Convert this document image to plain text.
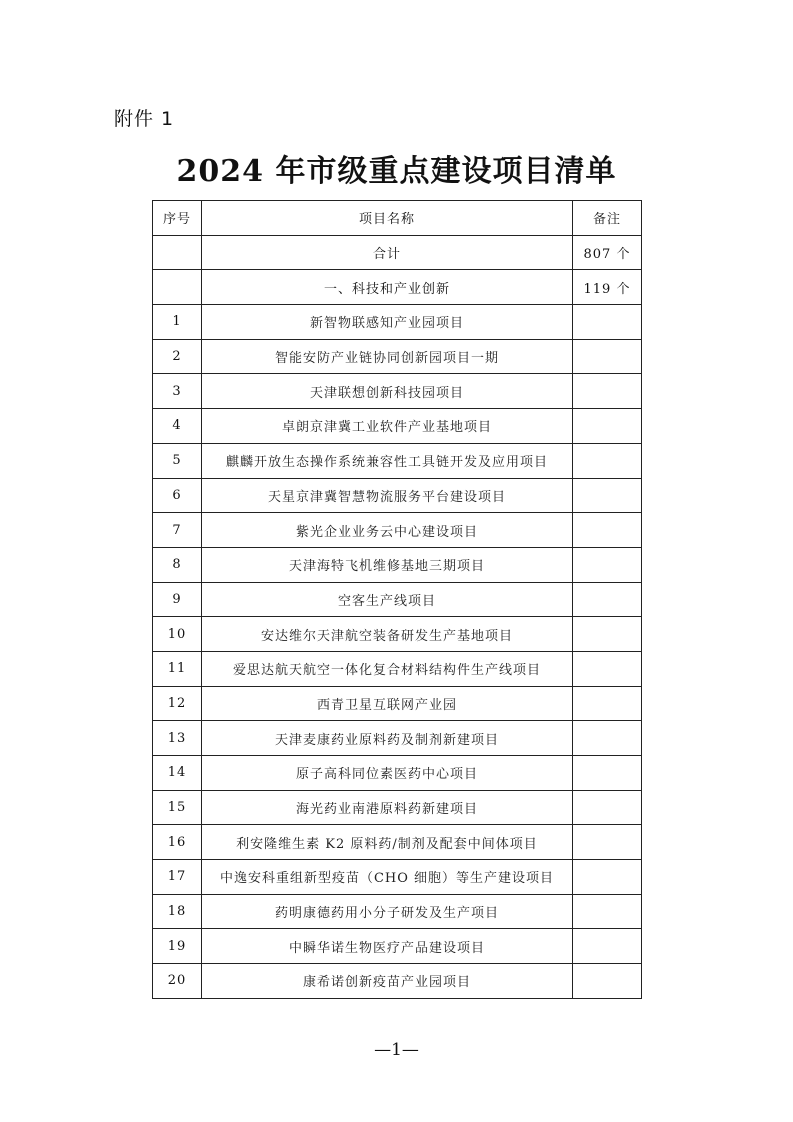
附件 1
2024 年市级重点建设项目清单
序号	项目名称	备注
	合计	807 个
	一、科技和产业创新	119 个
1	新智物联感知产业园项目	
2	智能安防产业链协同创新园项目一期	
3	天津联想创新科技园项目	
4	卓朗京津冀工业软件产业基地项目	
5	麒麟开放生态操作系统兼容性工具链开发及应用项目	
6	天星京津冀智慧物流服务平台建设项目	
7	紫光企业业务云中心建设项目	
8	天津海特飞机维修基地三期项目	
9	空客生产线项目	
10	安达维尔天津航空装备研发生产基地项目	
11	爱思达航天航空一体化复合材料结构件生产线项目	
12	西青卫星互联网产业园	
13	天津麦康药业原料药及制剂新建项目	
14	原子高科同位素医药中心项目	
15	海光药业南港原料药新建项目	
16	利安隆维生素 K2 原料药/制剂及配套中间体项目	
17	中逸安科重组新型疫苗（CHO 细胞）等生产建设项目	
18	药明康德药用小分子研发及生产项目	
19	中瞬华诺生物医疗产品建设项目	
20	康希诺创新疫苗产业园项目	
—1—
